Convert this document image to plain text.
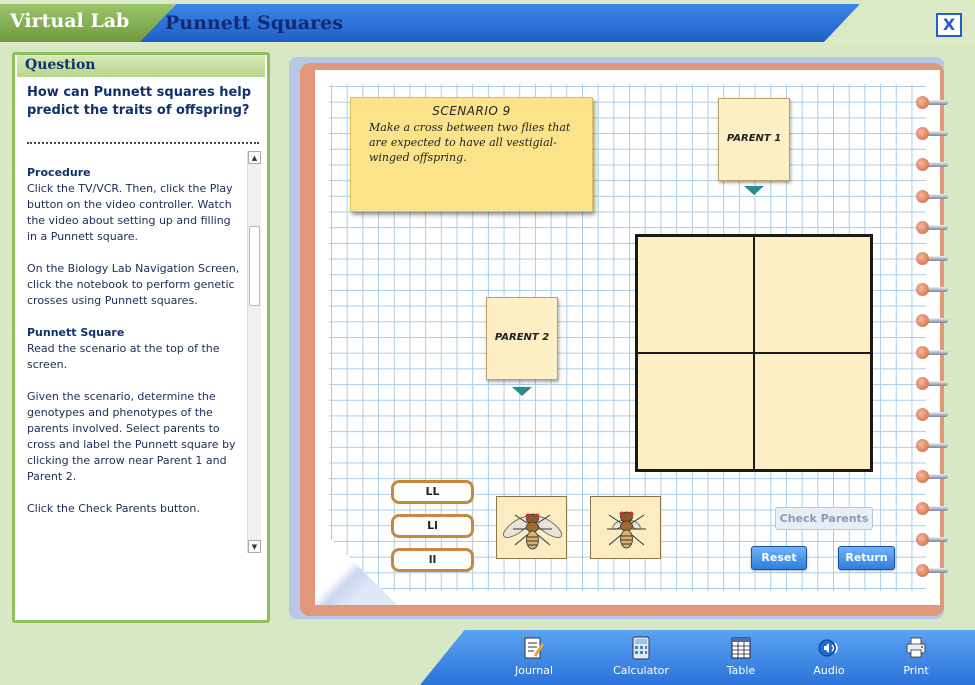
Virtual Lab Punnett Squares	X
Question
How can Punnett squares help predict the traits of offspring?

Procedure
Click the TV/VCR. Then, click the Play button on the video controller. Watch the video about setting up and filling in a Punnett square.

On the Biology Lab Navigation Screen, click the notebook to perform genetic crosses using Punnett squares.

Punnett Square
Read the scenario at the top of the screen.

Given the scenario, determine the genotypes and phenotypes of the parents involved. Select parents to cross and label the Punnett square by clicking the arrow near Parent 1 and Parent 2.

Click the Check Parents button.

▲
▼
SCENARIO 9
Make a cross between two flies that are expected to have all vestigial-winged offspring.
PARENT 1
PARENT 2
LL
Ll
ll
Check Parents
Reset	Return
Journal	Calculator	Table	Audio	Print
